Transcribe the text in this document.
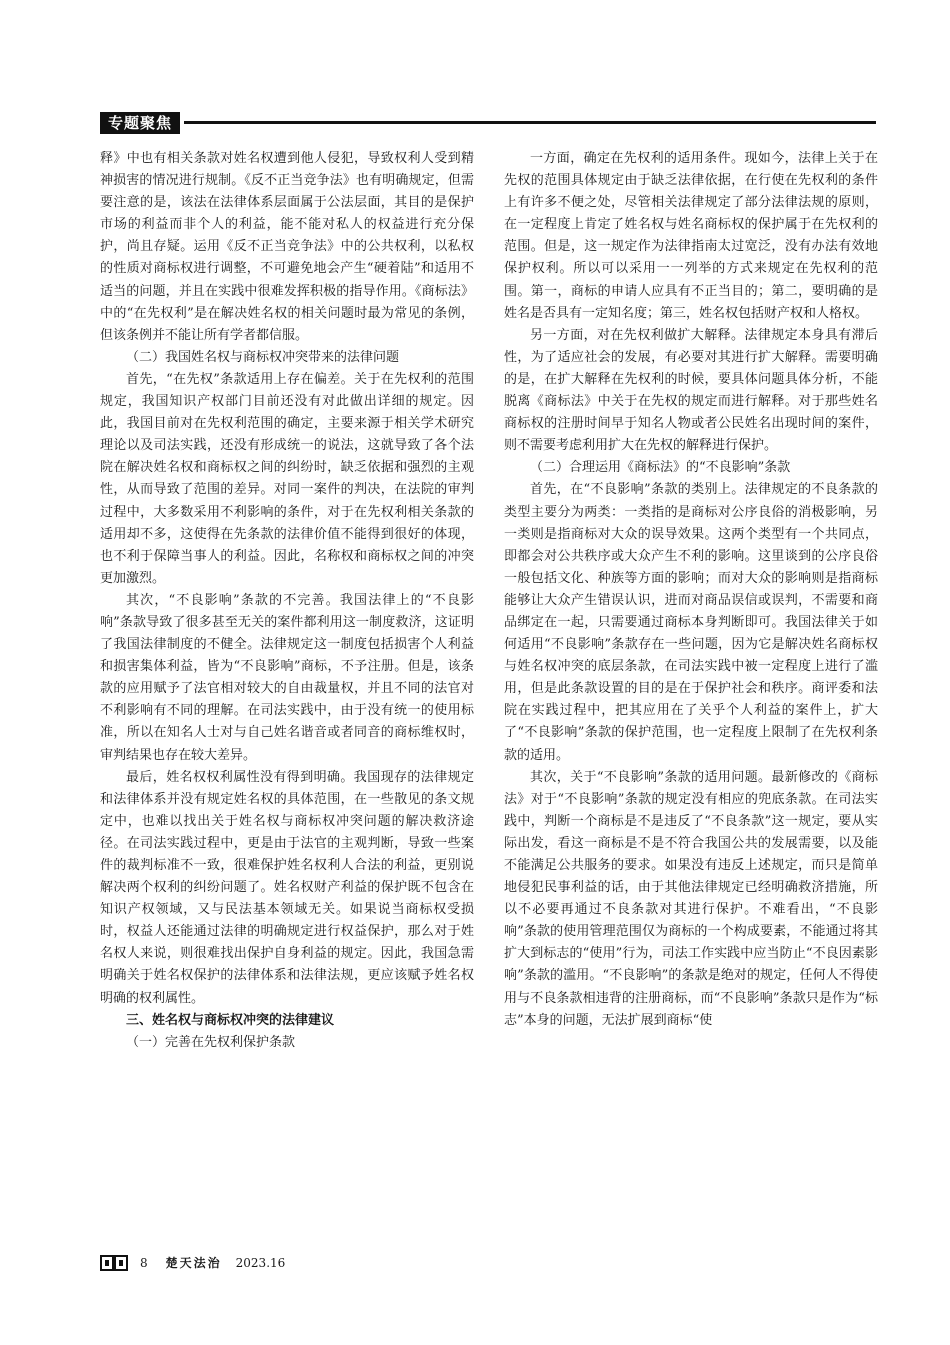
专题聚焦

释》中也有相关条款对姓名权遭到他人侵犯，导致权利人受到精神损害的情况进行规制。《反不正当竞争法》也有明确规定，但需要注意的是，该法在法律体系层面属于公法层面，其目的是保护市场的利益而非个人的利益，能不能对私人的权益进行充分保护，尚且存疑。运用《反不正当竞争法》中的公共权利，以私权的性质对商标权进行调整，不可避免地会产生“硬着陆”和适用不适当的问题，并且在实践中很难发挥积极的指导作用。《商标法》中的“在先权利”是在解决姓名权的相关问题时最为常见的条例，但该条例并不能让所有学者都信服。

（二）我国姓名权与商标权冲突带来的法律问题

首先，“在先权”条款适用上存在偏差。关于在先权利的范围规定，我国知识产权部门目前还没有对此做出详细的规定。因此，我国目前对在先权利范围的确定，主要来源于相关学术研究理论以及司法实践，还没有形成统一的说法，这就导致了各个法院在解决姓名权和商标权之间的纠纷时，缺乏依据和强烈的主观性，从而导致了范围的差异。对同一案件的判决，在法院的审判过程中，大多数采用不利影响的条件，对于在先权利相关条款的适用却不多，这使得在先条款的法律价值不能得到很好的体现，也不利于保障当事人的利益。因此，名称权和商标权之间的冲突更加激烈。

其次，“不良影响”条款的不完善。我国法律上的“不良影响”条款导致了很多甚至无关的案件都利用这一制度救济，这证明了我国法律制度的不健全。法律规定这一制度包括损害个人利益和损害集体利益，皆为“不良影响”商标，不予注册。但是，该条款的应用赋予了法官相对较大的自由裁量权，并且不同的法官对不利影响有不同的理解。在司法实践中，由于没有统一的使用标准，所以在知名人士对与自己姓名谐音或者同音的商标维权时，审判结果也存在较大差异。

最后，姓名权权利属性没有得到明确。我国现存的法律规定和法律体系并没有规定姓名权的具体范围，在一些散见的条文规定中，也难以找出关于姓名权与商标权冲突问题的解决救济途径。在司法实践过程中，更是由于法官的主观判断，导致一些案件的裁判标准不一致，很难保护姓名权利人合法的利益，更别说解决两个权利的纠纷问题了。姓名权财产利益的保护既不包含在知识产权领域，又与民法基本领域无关。如果说当商标权受损时，权益人还能通过法律的明确规定进行权益保护，那么对于姓名权人来说，则很难找出保护自身利益的规定。因此，我国急需明确关于姓名权保护的法律体系和法律法规，更应该赋予姓名权明确的权利属性。

三、姓名权与商标权冲突的法律建议

（一）完善在先权利保护条款

一方面，确定在先权利的适用条件。现如今，法律上关于在先权的范围具体规定由于缺乏法律依据，在行使在先权利的条件上有许多不便之处，尽管相关法律规定了部分法律法规的原则，在一定程度上肯定了姓名权与姓名商标权的保护属于在先权利的范围。但是，这一规定作为法律指南太过宽泛，没有办法有效地保护权利。所以可以采用一一列举的方式来规定在先权利的范围。第一，商标的申请人应具有不正当目的；第二，要明确的是姓名是否具有一定知名度；第三，姓名权包括财产权和人格权。

另一方面，对在先权利做扩大解释。法律规定本身具有滞后性，为了适应社会的发展，有必要对其进行扩大解释。需要明确的是，在扩大解释在先权利的时候，要具体问题具体分析，不能脱离《商标法》中关于在先权的规定而进行解释。对于那些姓名商标权的注册时间早于知名人物或者公民姓名出现时间的案件，则不需要考虑利用扩大在先权的解释进行保护。

（二）合理运用《商标法》的“不良影响”条款

首先，在“不良影响”条款的类别上。法律规定的不良条款的类型主要分为两类：一类指的是商标对公序良俗的消极影响，另一类则是指商标对大众的误导效果。这两个类型有一个共同点，即都会对公共秩序或大众产生不利的影响。这里谈到的公序良俗一般包括文化、种族等方面的影响；而对大众的影响则是指商标能够让大众产生错误认识，进而对商品误信或误判，不需要和商品绑定在一起，只需要通过商标本身判断即可。我国法律关于如何适用“不良影响”条款存在一些问题，因为它是解决姓名商标权与姓名权冲突的底层条款，在司法实践中被一定程度上进行了滥用，但是此条款设置的目的是在于保护社会和秩序。商评委和法院在实践过程中，把其应用在了关乎个人利益的案件上，扩大了“不良影响”条款的保护范围，也一定程度上限制了在先权利条款的适用。

其次，关于“不良影响”条款的适用问题。最新修改的《商标法》对于“不良影响”条款的规定没有相应的兜底条款。在司法实践中，判断一个商标是不是违反了“不良条款”这一规定，要从实际出发，看这一商标是不是不符合我国公共的发展需要，以及能不能满足公共服务的要求。如果没有违反上述规定，而只是简单地侵犯民事利益的话，由于其他法律规定已经明确救济措施，所以不必要再通过不良条款对其进行保护。不难看出，“不良影响”条款的使用管理范围仅为商标的一个构成要素，不能通过将其扩大到标志的“使用”行为，司法工作实践中应当防止“不良因素影响”条款的滥用。“不良影响”的条款是绝对的规定，任何人不得使用与不良条款相违背的注册商标，而“不良影响”条款只是作为“标志”本身的问题，无法扩展到商标“使

8 楚天法治 2023.16
